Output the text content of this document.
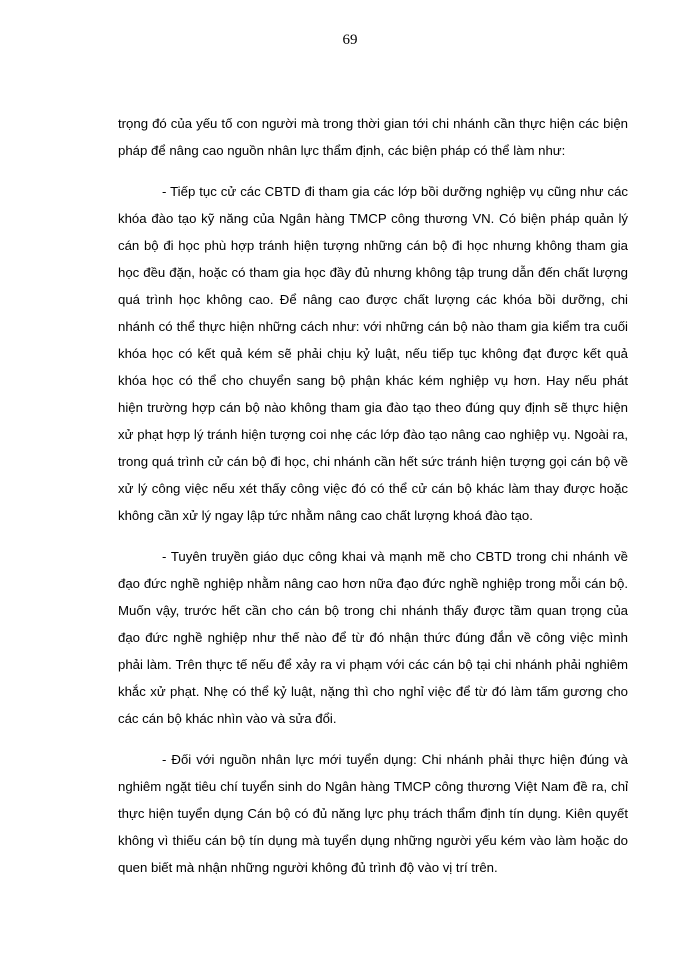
69

trọng đó của yếu tố con người mà trong thời gian tới chi nhánh cần thực hiện các biện pháp để nâng cao nguồn nhân lực thẩm định, các biện pháp có thể làm như:

- Tiếp tục cử các CBTD đi tham gia các lớp bồi dưỡng nghiệp vụ cũng như các khóa đào tạo kỹ năng của Ngân hàng TMCP công thương VN. Có biện pháp quản lý cán bộ đi học phù hợp tránh hiện tượng những cán bộ đi học nhưng không tham gia học đều đặn, hoặc có tham gia học đầy đủ nhưng không tập trung dẫn đến chất lượng quá trình học không cao. Để nâng cao được chất lượng các khóa bồi dưỡng, chi nhánh có thể thực hiện những cách như: với những cán bộ nào tham gia kiểm tra cuối khóa học có kết quả kém sẽ phải chịu kỷ luật, nếu tiếp tục không đạt được kết quả khóa học có thể cho chuyển sang bộ phận khác kém nghiệp vụ hơn. Hay nếu phát hiện trường hợp cán bộ nào không tham gia đào tạo theo đúng quy định sẽ thực hiện xử phạt hợp lý tránh hiện tượng coi nhẹ các lớp đào tạo nâng cao nghiệp vụ. Ngoài ra, trong quá trình cử cán bộ đi học, chi nhánh cần hết sức tránh hiện tượng gọi cán bộ về xử lý công việc nếu xét thấy công việc đó có thể cử cán bộ khác làm thay được hoặc không cần xử lý ngay lập tức nhằm nâng cao chất lượng khoá đào tạo.

- Tuyên truyền giáo dục công khai và mạnh mẽ cho CBTD trong chi nhánh về đạo đức nghề nghiệp nhằm nâng cao hơn nữa đạo đức nghề nghiệp trong mỗi cán bộ. Muốn vậy, trước hết cần cho cán bộ trong chi nhánh thấy được tầm quan trọng của đạo đức nghề nghiệp như thế nào để từ đó nhận thức đúng đắn về công việc mình phải làm. Trên thực tế nếu để xảy ra vi phạm với các cán bộ tại chi nhánh phải nghiêm khắc xử phạt. Nhẹ có thể kỷ luật, nặng thì cho nghỉ việc để từ đó làm tấm gương cho các cán bộ khác nhìn vào và sửa đổi.

- Đối với nguồn nhân lực mới tuyển dụng: Chi nhánh phải thực hiện đúng và nghiêm ngặt tiêu chí tuyển sinh do Ngân hàng TMCP công thương Việt Nam đề ra, chỉ thực hiện tuyển dụng Cán bộ có đủ năng lực phụ trách thẩm định tín dụng. Kiên quyết không vì thiếu cán bộ tín dụng mà tuyển dụng những người yếu kém vào làm hoặc do quen biết mà nhận những người không đủ trình độ vào vị trí trên.
